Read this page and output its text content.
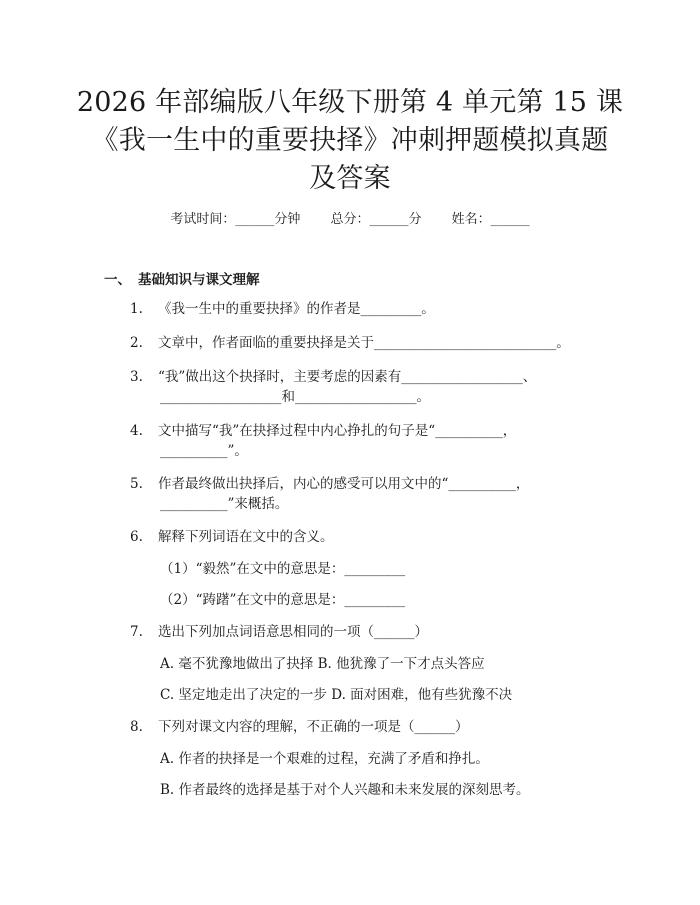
2026 年部编版八年级下册第 4 单元第 15 课
《我一生中的重要抉择》冲刺押题模拟真题
及答案
考试时间：______分钟 总分：______分 姓名：______
一、 基础知识与课文理解
1. 《我一生中的重要抉择》的作者是_________。
2. 文章中，作者面临的重要抉择是关于___________________________。
3. “我”做出这个抉择时，主要考虑的因素有__________________、
__________________和__________________。
4. 文中描写“我”在抉择过程中内心挣扎的句子是“__________，
__________”。
5. 作者最终做出抉择后，内心的感受可以用文中的“__________，
__________”来概括。
6. 解释下列词语在文中的含义。
（1）“毅然”在文中的意思是：_________
（2）“踌躇”在文中的意思是：_________
7. 选出下列加点词语意思相同的一项（______）
A. 毫不犹豫地做出了抉择 B. 他犹豫了一下才点头答应
C. 坚定地走出了决定的一步 D. 面对困难，他有些犹豫不决
8. 下列对课文内容的理解，不正确的一项是（______）
A. 作者的抉择是一个艰难的过程，充满了矛盾和挣扎。
B. 作者最终的选择是基于对个人兴趣和未来发展的深刻思考。
